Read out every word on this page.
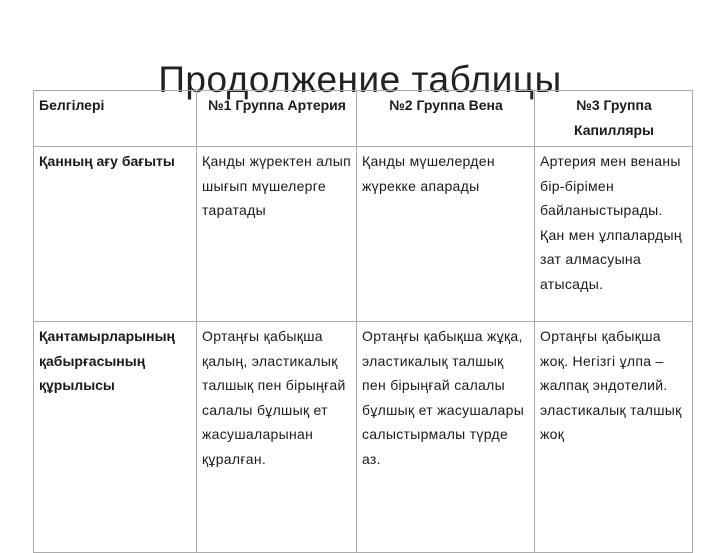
Продолжение таблицы
Белгілері	№1 Группа Артерия	№2 Группа Вена	№3 Группа Капилляры
Қанның ағу бағыты	Қанды жүректен алып шығып мүшелерге таратады	Қанды мүшелерден жүрекке апарады	Артерия мен венаны бір-бірімен байланыстырады. Қан мен ұлпалардың зат алмасуына атысады.
Қантамырларының қабырғасының құрылысы	Ортаңғы қабықша қалың, эластикалық талшық пен бірыңғай салалы бұлшық ет жасушаларынан құралған.	Ортаңғы қабықша жұқа, эластикалық талшық пен бірыңғай салалы бұлшық ет жасушалары салыстырмалы түрде аз.	Ортаңғы қабықша жоқ. Негізгі ұлпа – жалпақ эндотелий. эластикалық талшық жоқ
